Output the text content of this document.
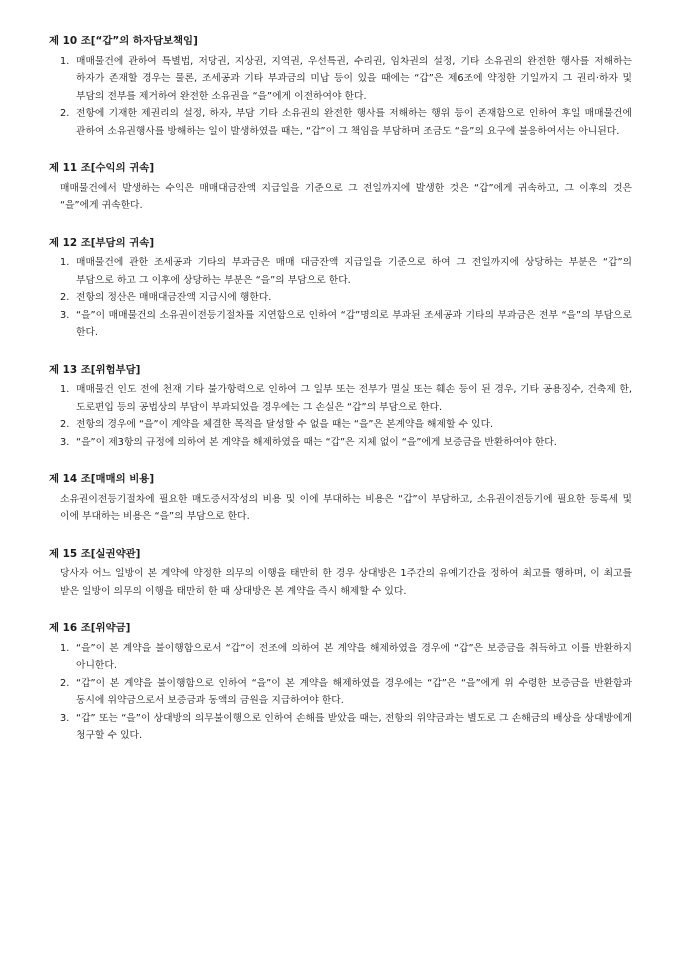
제 10 조[“갑”의 하자담보책임]
1. 매매물건에 관하여 특별법, 저당권, 지상권, 지역권, 우선특권, 수리권, 임차권의 설정, 기타 소유권의 완전한 행사를 저해하는 하자가 존재할 경우는 물론, 조세공과 기타 부과금의 미납 등이 있을 때에는 “갑”은 제6조에 약정한 기일까지 그 권리·하자 및 부담의 전부를 제거하여 완전한 소유권을 “을”에게 이전하여야 한다.
2. 전항에 기재한 제권리의 설정, 하자, 부담 기타 소유권의 완전한 행사를 저해하는 행위 등이 존재함으로 인하여 후일 매매물건에 관하여 소유권행사를 방해하는 일이 발생하였을 때는, “갑”이 그 책임을 부담하며 조금도 “을”의 요구에 불응하여서는 아니된다.
제 11 조[수익의 귀속]

매매물건에서 발생하는 수익은 매매대금잔액 지급일을 기준으로 그 전일까지에 발생한 것은 “갑”에게 귀속하고, 그 이후의 것은 “을”에게 귀속한다.

제 12 조[부담의 귀속]
1. 매매물건에 관한 조세공과 기타의 부과금은 매매 대금잔액 지급일을 기준으로 하여 그 전일까지에 상당하는 부분은 “갑”의 부담으로 하고 그 이후에 상당하는 부분은 “을”의 부담으로 한다.
2. 전항의 정산은 매매대금잔액 지급시에 행한다.
3. “을”이 매매물건의 소유권이전등기절차를 지연함으로 인하여 “갑”명의로 부과된 조세공과 기타의 부과금은 전부 “을”의 부담으로 한다.
제 13 조[위험부담]
1. 매매물건 인도 전에 천재 기타 불가항력으로 인하여 그 일부 또는 전부가 멸실 또는 훼손 등이 된 경우, 기타 공용징수, 건축제 한, 도로편입 등의 공법상의 부담이 부과되었을 경우에는 그 손실은 “갑”의 부담으로 한다.
2. 전항의 경우에 “을”이 계약을 체결한 목적을 달성할 수 없을 때는 “을”은 본계약을 해제할 수 있다.
3. “을”이 제3항의 규정에 의하여 본 계약을 해제하였을 때는 “갑”은 지체 없이 “을”에게 보증금을 반환하여야 한다.
제 14 조[매매의 비용]

소유권이전등기절차에 필요한 매도증서작성의 비용 및 이에 부대하는 비용은 “갑”이 부담하고, 소유권이전등기에 필요한 등록세 및 이에 부대하는 비용은 “을”의 부담으로 한다.

제 15 조[실권약관]

당사자 어느 일방이 본 계약에 약정한 의무의 이행을 태만히 한 경우 상대방은 1주간의 유예기간을 정하여 최고를 행하며, 이 최고를 받은 일방이 의무의 이행을 태만히 한 때 상대방은 본 계약을 즉시 해제할 수 있다.

제 16 조[위약금]
1. “을”이 본 계약을 불이행함으로서 “갑”이 전조에 의하여 본 계약을 해제하였을 경우에 “갑”은 보증금을 취득하고 이를 반환하지 아니한다.
2. “갑”이 본 계약을 불이행함으로 인하여 “을”이 본 계약을 해제하였을 경우에는 “갑”은 “을”에게 위 수령한 보증금을 반환함과 동시에 위약금으로서 보증금과 동액의 금원을 지급하여야 한다.
3. “갑” 또는 “을”이 상대방의 의무불이행으로 인하여 손해를 받았을 때는, 전항의 위약금과는 별도로 그 손해금의 배상을 상대방에게 청구할 수 있다.
